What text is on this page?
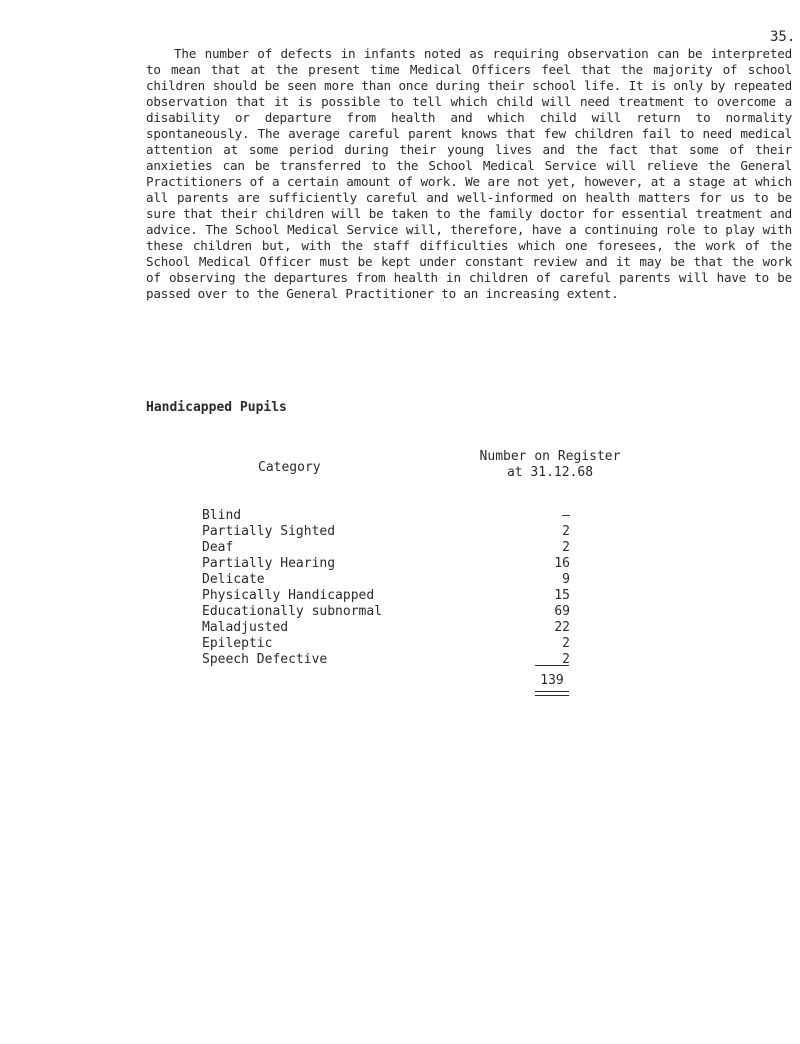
35.

The number of defects in infants noted as requiring observation can be interpreted to mean that at the present time Medical Officers feel that the majority of school children should be seen more than once during their school life. It is only by repeated observation that it is possible to tell which child will need treatment to overcome a disability or departure from health and which child will return to normality spontaneously. The average careful parent knows that few children fail to need medical attention at some period during their young lives and the fact that some of their anxieties can be transferred to the School Medical Service will relieve the General Practitioners of a certain amount of work. We are not yet, however, at a stage at which all parents are sufficiently careful and well-informed on health matters for us to be sure that their children will be taken to the family doctor for essential treatment and advice. The School Medical Service will, therefore, have a continuing role to play with these children but, with the staff difficulties which one foresees, the work of the School Medical Officer must be kept under constant review and it may be that the work of observing the departures from health in children of careful parents will have to be passed over to the General Practitioner to an increasing extent.

Handicapped Pupils
Category
Number on Register
at 31.12.68
Blind	–
Partially Sighted	2
Deaf	2
Partially Hearing	16
Delicate	9
Physically Handicapped	15
Educationally subnormal	69
Maladjusted	22
Epileptic	2
Speech Defective	2
139
